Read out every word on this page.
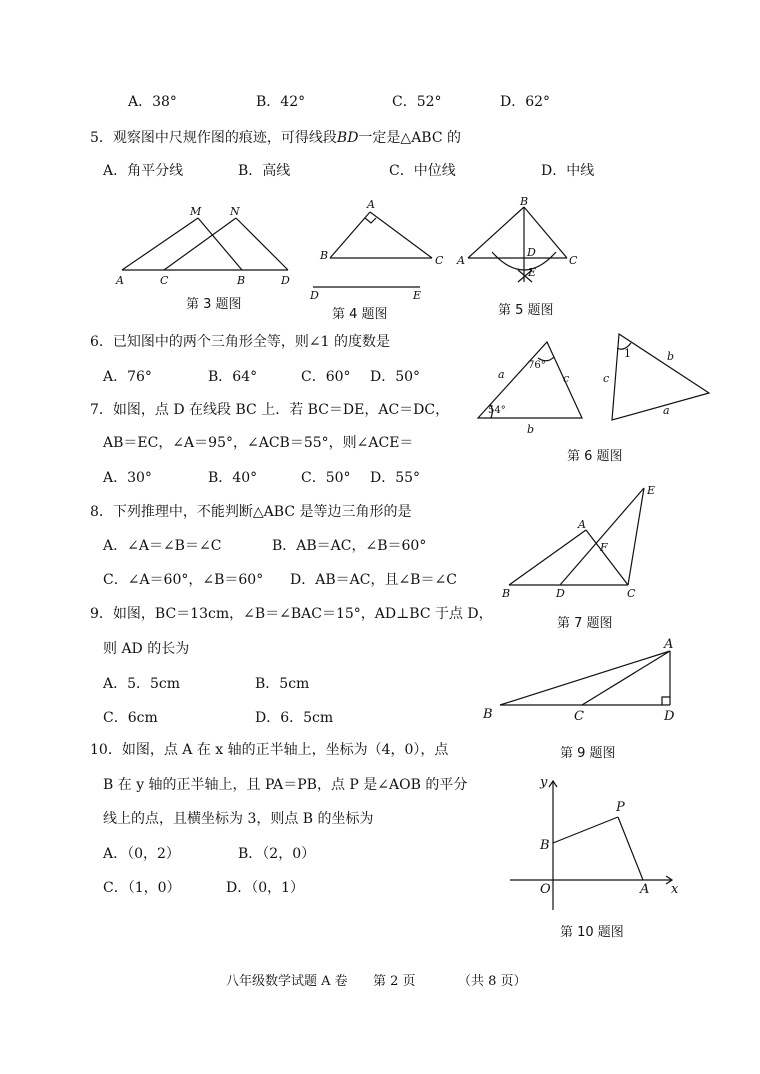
A．38°	B．42°	C．52°	D．62°
5．观察图中尺规作图的痕迹，可得线段BD一定是△ABC 的
A．角平分线	B．高线	C．中位线	D．中线
6．已知图中的两个三角形全等，则∠1 的度数是
A．76°	B．64°	C．60° D．50°
7．如图，点 D 在线段 BC 上．若 BC＝DE，AC＝DC，
AB＝EC，∠A＝95°，∠ACB＝55°，则∠ACE＝
A．30°	B．40°	C．50° D．55°
8．下列推理中，不能判断△ABC 是等边三角形的是
A．∠A＝∠B＝∠C	B．AB＝AC，∠B＝60°
C．∠A＝60°，∠B＝60° D．AB＝AC，且∠B＝∠C
9．如图，BC＝13cm，∠B＝∠BAC＝15°，AD⊥BC 于点 D，
则 AD 的长为
A．5．5cm	B．5cm
C．6cm	D．6．5cm
10．如图，点 A 在 x 轴的正半轴上，坐标为（4，0），点
B 在 y 轴的正半轴上，且 PA＝PB，点 P 是∠AOB 的平分
线上的点，且横坐标为 3，则点 B 的坐标为
A．（0，2）	B．（2，0）
C．（1，0）	D．（0，1）
M	N
A	C	B	D
A
B	C
D	E
B
A
D
C
E
76°
54°
a	c
b
1	b
c
a
E
A
F
B	D	C
A
B	C	D
y
P
B
O	A x
第 3 题图
第 4 题图	第 5 题图
第 6 题图
第 7 题图
第 9 题图
第 10 题图
八年级数学试题 A 卷 第 2 页	（共 8 页）
